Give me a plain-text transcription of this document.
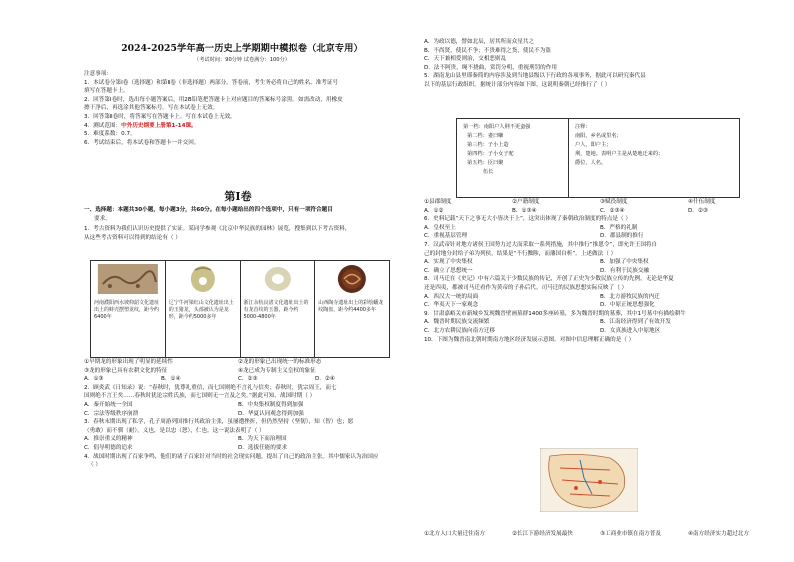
2024-2025学年高一历史上学期期中模拟卷（北京专用）
（考试时间：90分钟 试卷满分：100分）
注意事项：
1．本试卷分第Ⅰ卷（选择题）和第Ⅱ卷（非选择题）两部分。答卷前，考生务必将自己的姓名、准考证号
填写在答题卡上。
2．回答第Ⅰ卷时，选出每小题答案后，用2B铅笔把答题卡上对应题目的答案标号涂黑。如需改动，用橡皮
擦干净后，再选涂其他答案标号。写在本试卷上无效。
3．回答第Ⅱ卷时，将答案写在答题卡上。写在本试卷上无效。
4．测试范围：中外历史纲要上册第1-14课。
5．难度系数：0.7。
6．考试结束后，将本试卷和答题卡一并交回。
第Ⅰ卷
一、选择题：本题共30小题，每小题3分，共60分。在每小题给出的四个选项中，只有一项符合题目
要求。
1．考古资料为我们认识历史提供了实证。某同学参观《北京中华民族的园林》展览，搜集到以下考古资料，
从这些考古资料可以得到的结论有（ ）
河南濮阳西水坡仰韶文化遗址出土的蚌壳摆塑龙纹，距今约6400年
辽宁牛河梁红山文化遗址出土的玉猪龙，头部被认为是龙形，距今约5000多年
浙江余杭良渚文化遗址出土的有龙首纹的玉器，距今约5000-4800年
山西陶寺遗址出土的彩绘蟠龙纹陶盘，距今约4400多年
①早期龙的形象出现了明显的延续性	②龙的形象已出现统一的标准形态
③龙的形象已具有农耕文化的特征	④龙已成为专制主义皇权的象征
A．①③	B．①④	C．②③	D．②④
2．顾炎武《日知录》说：“春秋时，犹尊礼重信，而七国则绝不言礼与信矣；春秋时，犹宗周王，而七
国则绝不言王矣……春秋时犹论宗姓氏族，而七国则无一言及之矣。”据此可知，战国时期（ ）
A．秦开始统一全国	B．中央集权制度得到加强
C．宗法等级秩序崩溃	D．华夏认同观念得到加强
3．春秋末期出现了私学，孔子周游列国推行其政治主张，虽屡遭挫折，但仍然坚持（坚韧），知（智）也；愿
（勇敢）而不驯（耐），义也，是以忠（恕），仁也。这一说法表明了（ ）
A．推崇重义的精神	B．为天下而治理国
C．倡导明德的追求	D．选拔任能的要求
4．战国时期出现了百家争鸣，他们的诸子百家针对当时的社会现实问题，提出了自己的政治主张。其中儒家认为治国应
（ ）
A．为政以德，譬如北辰，居其所而众星共之
B．不尚贤，使民不争；不贵难得之货，使民不为盗
C．天下兼相爱则治，交相恶则乱
D．法不阿贵，绳不挠曲，赏罚分明，重视刑罚的作用
5．湖南龙山县里耶秦简的内容涉及到当地县级以下行政的各项事务，据此可以研究秦代县
以下的基层行政组织。据统计部分内容如下图。这说明秦朝已经推行了（ ）
第一档：南阳户人荆不更蛮强
第二档：妻曰嗛
第三档：子小上造
第四档：子小女子驼
第五档：臣曰聚
伍长
注释：
南阳，乡名或里名；
户人，即户主；
荆，楚地。表明户主是从楚地迁来的；
爵位，人名。
①县郡制度	②户籍制度	③赋役制度	④什伍制度
A．①②	B．①③④	C．②③④	D．②③
6．史料记载“天下之事无大小皆决于上”，这突出体现了秦朝政治制度的特点是（ ）
A．皇权至上	B．严格的礼制
C．重视基层管理	D．郡县制的推行
7．汉武帝针对地方诸侯王国势力过大而采取一系列措施，其中推行“推恩令”，即允许王国将自
己的封地分封给子弟为列侯，结果是“不行黜陟，而藩国自析”。上述做法（ ）
A．实现了中央集权	B．加强了中央集权
C．确立了思想统一	D．有利于民族交融
8．司马迁在《史记》中有六篇关于少数民族的传记，开创了正史为少数民族立传的先例，无论是华夏
还是四夷，都被司马迁看作为黄帝的子孙后代。司马迁的民族思想实际反映了（ ）
A．西汉大一统的局面	B．北方游牧民族的内迁
C．华夷天下一家观念	D．中原正统思想强化
9．甘肃嘉峪关市新城乡发现魏晋壁画墓群1400多座砖墓，多为魏晋时期的墓葬，其中1号墓中有描绘耕牛
A．魏晋时期民族交流频繁	B．江南经济得到了有效开发
C．北方农耕民族向南方迁移	D．女真族进入中原地区
10．下图为魏晋南北朝时期南方地区经济发展示意图。对图中信息理解正确的是（ ）
①北方人口大量迁往南方	②长江下游经济发展最快	③工商业市镇在南方普及	④南方经济实力超过北方
